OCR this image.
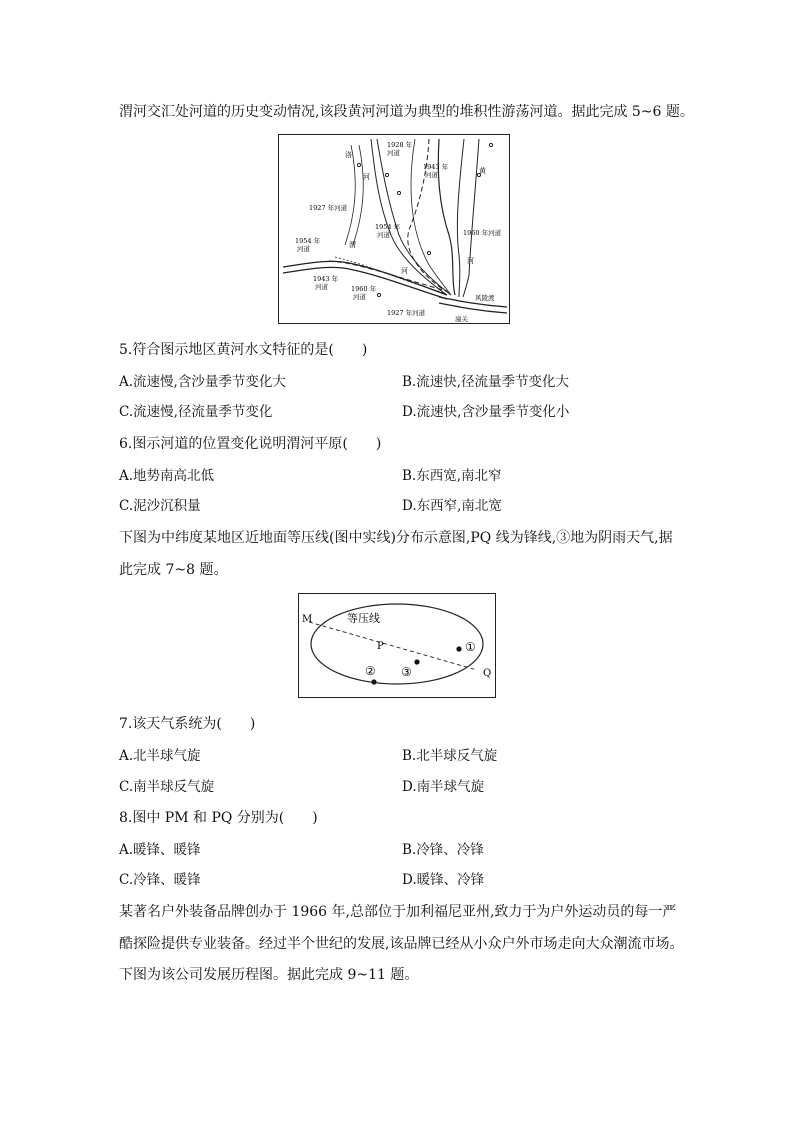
渭河交汇处河道的历史变动情况,该段黄河河道为典型的堆积性游荡河道。据此完成 5~6 题。
1928 年
河道
1943 年
河道
洛
河
黄
1927 年河道
1954 年
河道	1960 年河道
1954 年
河道	渭
河
河
1943 年
河道	1960 年
河道	风陵渡
1927 年河道
潼关
5.符合图示地区黄河水文特征的是(　　)
A.流速慢,含沙量季节变化大	B.流速快,径流量季节变化大
C.流速慢,径流量季节变化	D.流速快,含沙量季节变化小
6.图示河道的位置变化说明渭河平原(　　)
A.地势南高北低	B.东西宽,南北窄
C.泥沙沉积量	D.东西窄,南北宽
下图为中纬度某地区近地面等压线(图中实线)分布示意图,PQ 线为锋线,③地为阴雨天气,据
此完成 7~8 题。
等压线
M
P
Q
①
③
②
7.该天气系统为(　　)
A.北半球气旋	B.北半球反气旋
C.南半球反气旋	D.南半球气旋
8.图中 PM 和 PQ 分别为(　　)
A.暖锋、暖锋	B.冷锋、冷锋
C.冷锋、暖锋	D.暖锋、冷锋
某著名户外装备品牌创办于 1966 年,总部位于加利福尼亚州,致力于为户外运动员的每一严
酷探险提供专业装备。经过半个世纪的发展,该品牌已经从小众户外市场走向大众潮流市场。
下图为该公司发展历程图。据此完成 9~11 题。
